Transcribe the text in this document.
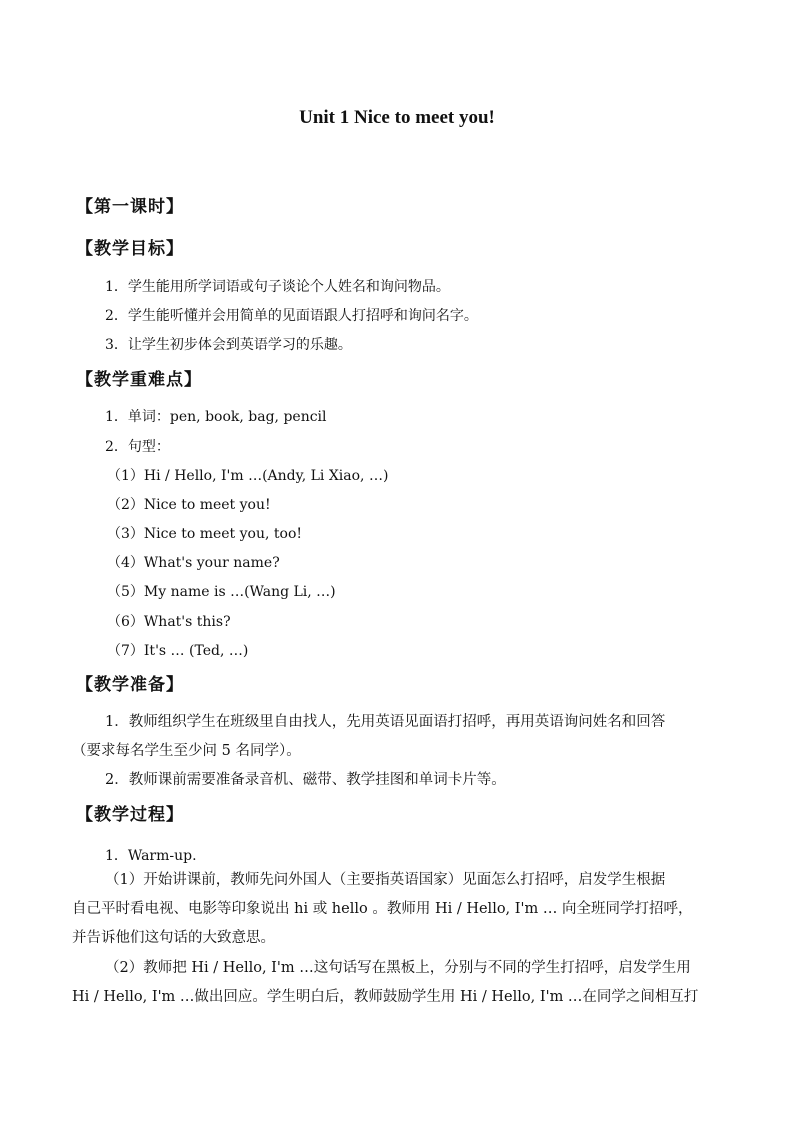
Unit 1 Nice to meet you!
【第一课时】
【教学目标】
1．学生能用所学词语或句子谈论个人姓名和询问物品。
2．学生能听懂并会用简单的见面语跟人打招呼和询问名字。
3．让学生初步体会到英语学习的乐趣。
【教学重难点】
1．单词：pen, book, bag, pencil
2．句型：
（1）Hi / Hello, I'm …(Andy, Li Xiao, …)
（2）Nice to meet you!
（3）Nice to meet you, too!
（4）What's your name?
（5）My name is …(Wang Li, …)
（6）What's this?
（7）It's … (Ted, …)
【教学准备】
1．教师组织学生在班级里自由找人，先用英语见面语打招呼，再用英语询问姓名和回答
（要求每名学生至少问 5 名同学）。
2．教师课前需要准备录音机、磁带、教学挂图和单词卡片等。
【教学过程】
1．Warm-up.
（1）开始讲课前，教师先问外国人（主要指英语国家）见面怎么打招呼，启发学生根据
自己平时看电视、电影等印象说出 hi 或 hello 。教师用 Hi / Hello, I'm … 向全班同学打招呼，
并告诉他们这句话的大致意思。
（2）教师把 Hi / Hello, I'm …这句话写在黑板上，分别与不同的学生打招呼，启发学生用
Hi / Hello, I'm …做出回应。学生明白后，教师鼓励学生用 Hi / Hello, I'm …在同学之间相互打
